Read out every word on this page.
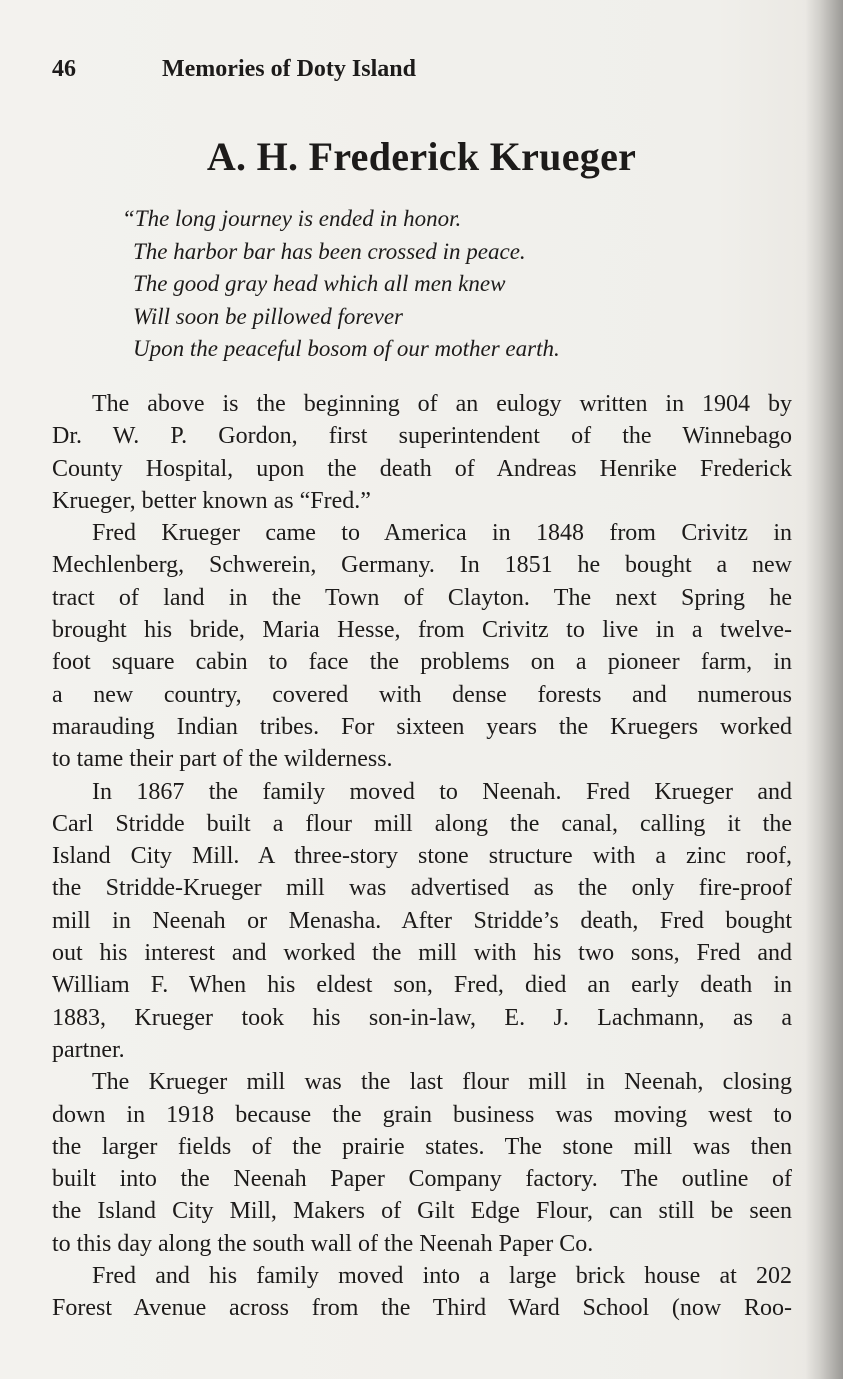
46	Memories of Doty Island
A. H. Frederick Krueger
“The long journey is ended in honor.
The harbor bar has been crossed in peace.
The good gray head which all men knew
Will soon be pillowed forever
Upon the peaceful bosom of our mother earth.
The above is the beginning of an eulogy written in 1904 by
Dr. W. P. Gordon, first superintendent of the Winnebago
County Hospital, upon the death of Andreas Henrike Frederick
Krueger, better known as “Fred.”
Fred Krueger came to America in 1848 from Crivitz in
Mechlenberg, Schwerein, Germany. In 1851 he bought a new
tract of land in the Town of Clayton. The next Spring he
brought his bride, Maria Hesse, from Crivitz to live in a twelve-
foot square cabin to face the problems on a pioneer farm, in
a new country, covered with dense forests and numerous
marauding Indian tribes. For sixteen years the Kruegers worked
to tame their part of the wilderness.
In 1867 the family moved to Neenah. Fred Krueger and
Carl Stridde built a flour mill along the canal, calling it the
Island City Mill. A three-story stone structure with a zinc roof,
the Stridde-Krueger mill was advertised as the only fire-proof
mill in Neenah or Menasha. After Stridde’s death, Fred bought
out his interest and worked the mill with his two sons, Fred and
William F. When his eldest son, Fred, died an early death in
1883, Krueger took his son-in-law, E. J. Lachmann, as a
partner.
The Krueger mill was the last flour mill in Neenah, closing
down in 1918 because the grain business was moving west to
the larger fields of the prairie states. The stone mill was then
built into the Neenah Paper Company factory. The outline of
the Island City Mill, Makers of Gilt Edge Flour, can still be seen
to this day along the south wall of the Neenah Paper Co.
Fred and his family moved into a large brick house at 202
Forest Avenue across from the Third Ward School (now Roo-
